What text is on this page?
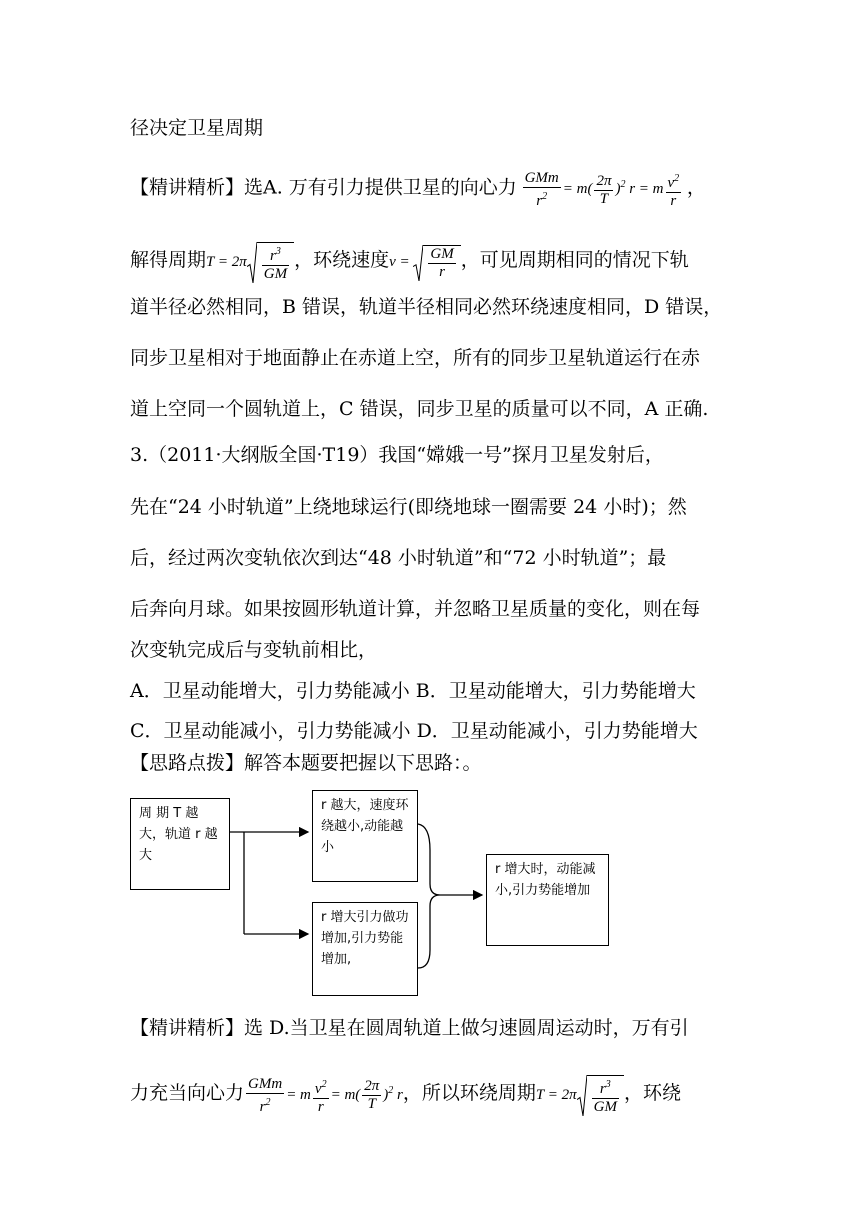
径决定卫星周期
【精讲精析】选A. 万有引力提供卫星的向心力 $\frac{\text{GMm}}{r^2} = m( \frac{2\pi}{T} )^2$ r = m $\frac{v^2}{r}$ ，
解得周期$T = 2\pi \frac{r^3}{GM}$ ，环绕速度$v = \frac{GM}{r}$ ，可见周期相同的情况下轨
道半径必然相同，B 错误，轨道半径相同必然环绕速度相同，D 错误，
同步卫星相对于地面静止在赤道上空，所有的同步卫星轨道运行在赤
道上空同一个圆轨道上，C 错误，同步卫星的质量可以不同，A 正确.
3.（2011·大纲版全国·T19）我国“嫦娥一号”探月卫星发射后，
先在“24 小时轨道”上绕地球运行(即绕地球一圈需要 24 小时)；然
后，经过两次变轨依次到达“48 小时轨道”和“72 小时轨道”；最
后奔向月球。如果按圆形轨道计算，并忽略卫星质量的变化，则在每
次变轨完成后与变轨前相比，
A．卫星动能增大，引力势能减小 B．卫星动能增大，引力势能增大
C．卫星动能减小，引力势能减小 D．卫星动能减小，引力势能增大
【思路点拨】解答本题要把握以下思路：。
周 期 T 越大，轨道 r 越大
r 越大，速度环绕越小,动能越小
r 增大引力做功增加,引力势能增加,
r 增大时，动能减小,引力势能增加
【精讲精析】选 D.当卫星在圆周轨道上做匀速圆周运动时，万有引
力充当向心力 $\frac{\text{GMm}}{r^2} = m \frac{v^2}{r} = m( \frac{2\pi}{T} )^2$ r，所以环绕周期$T = 2\pi \frac{r^3}{GM}$ ，环绕
